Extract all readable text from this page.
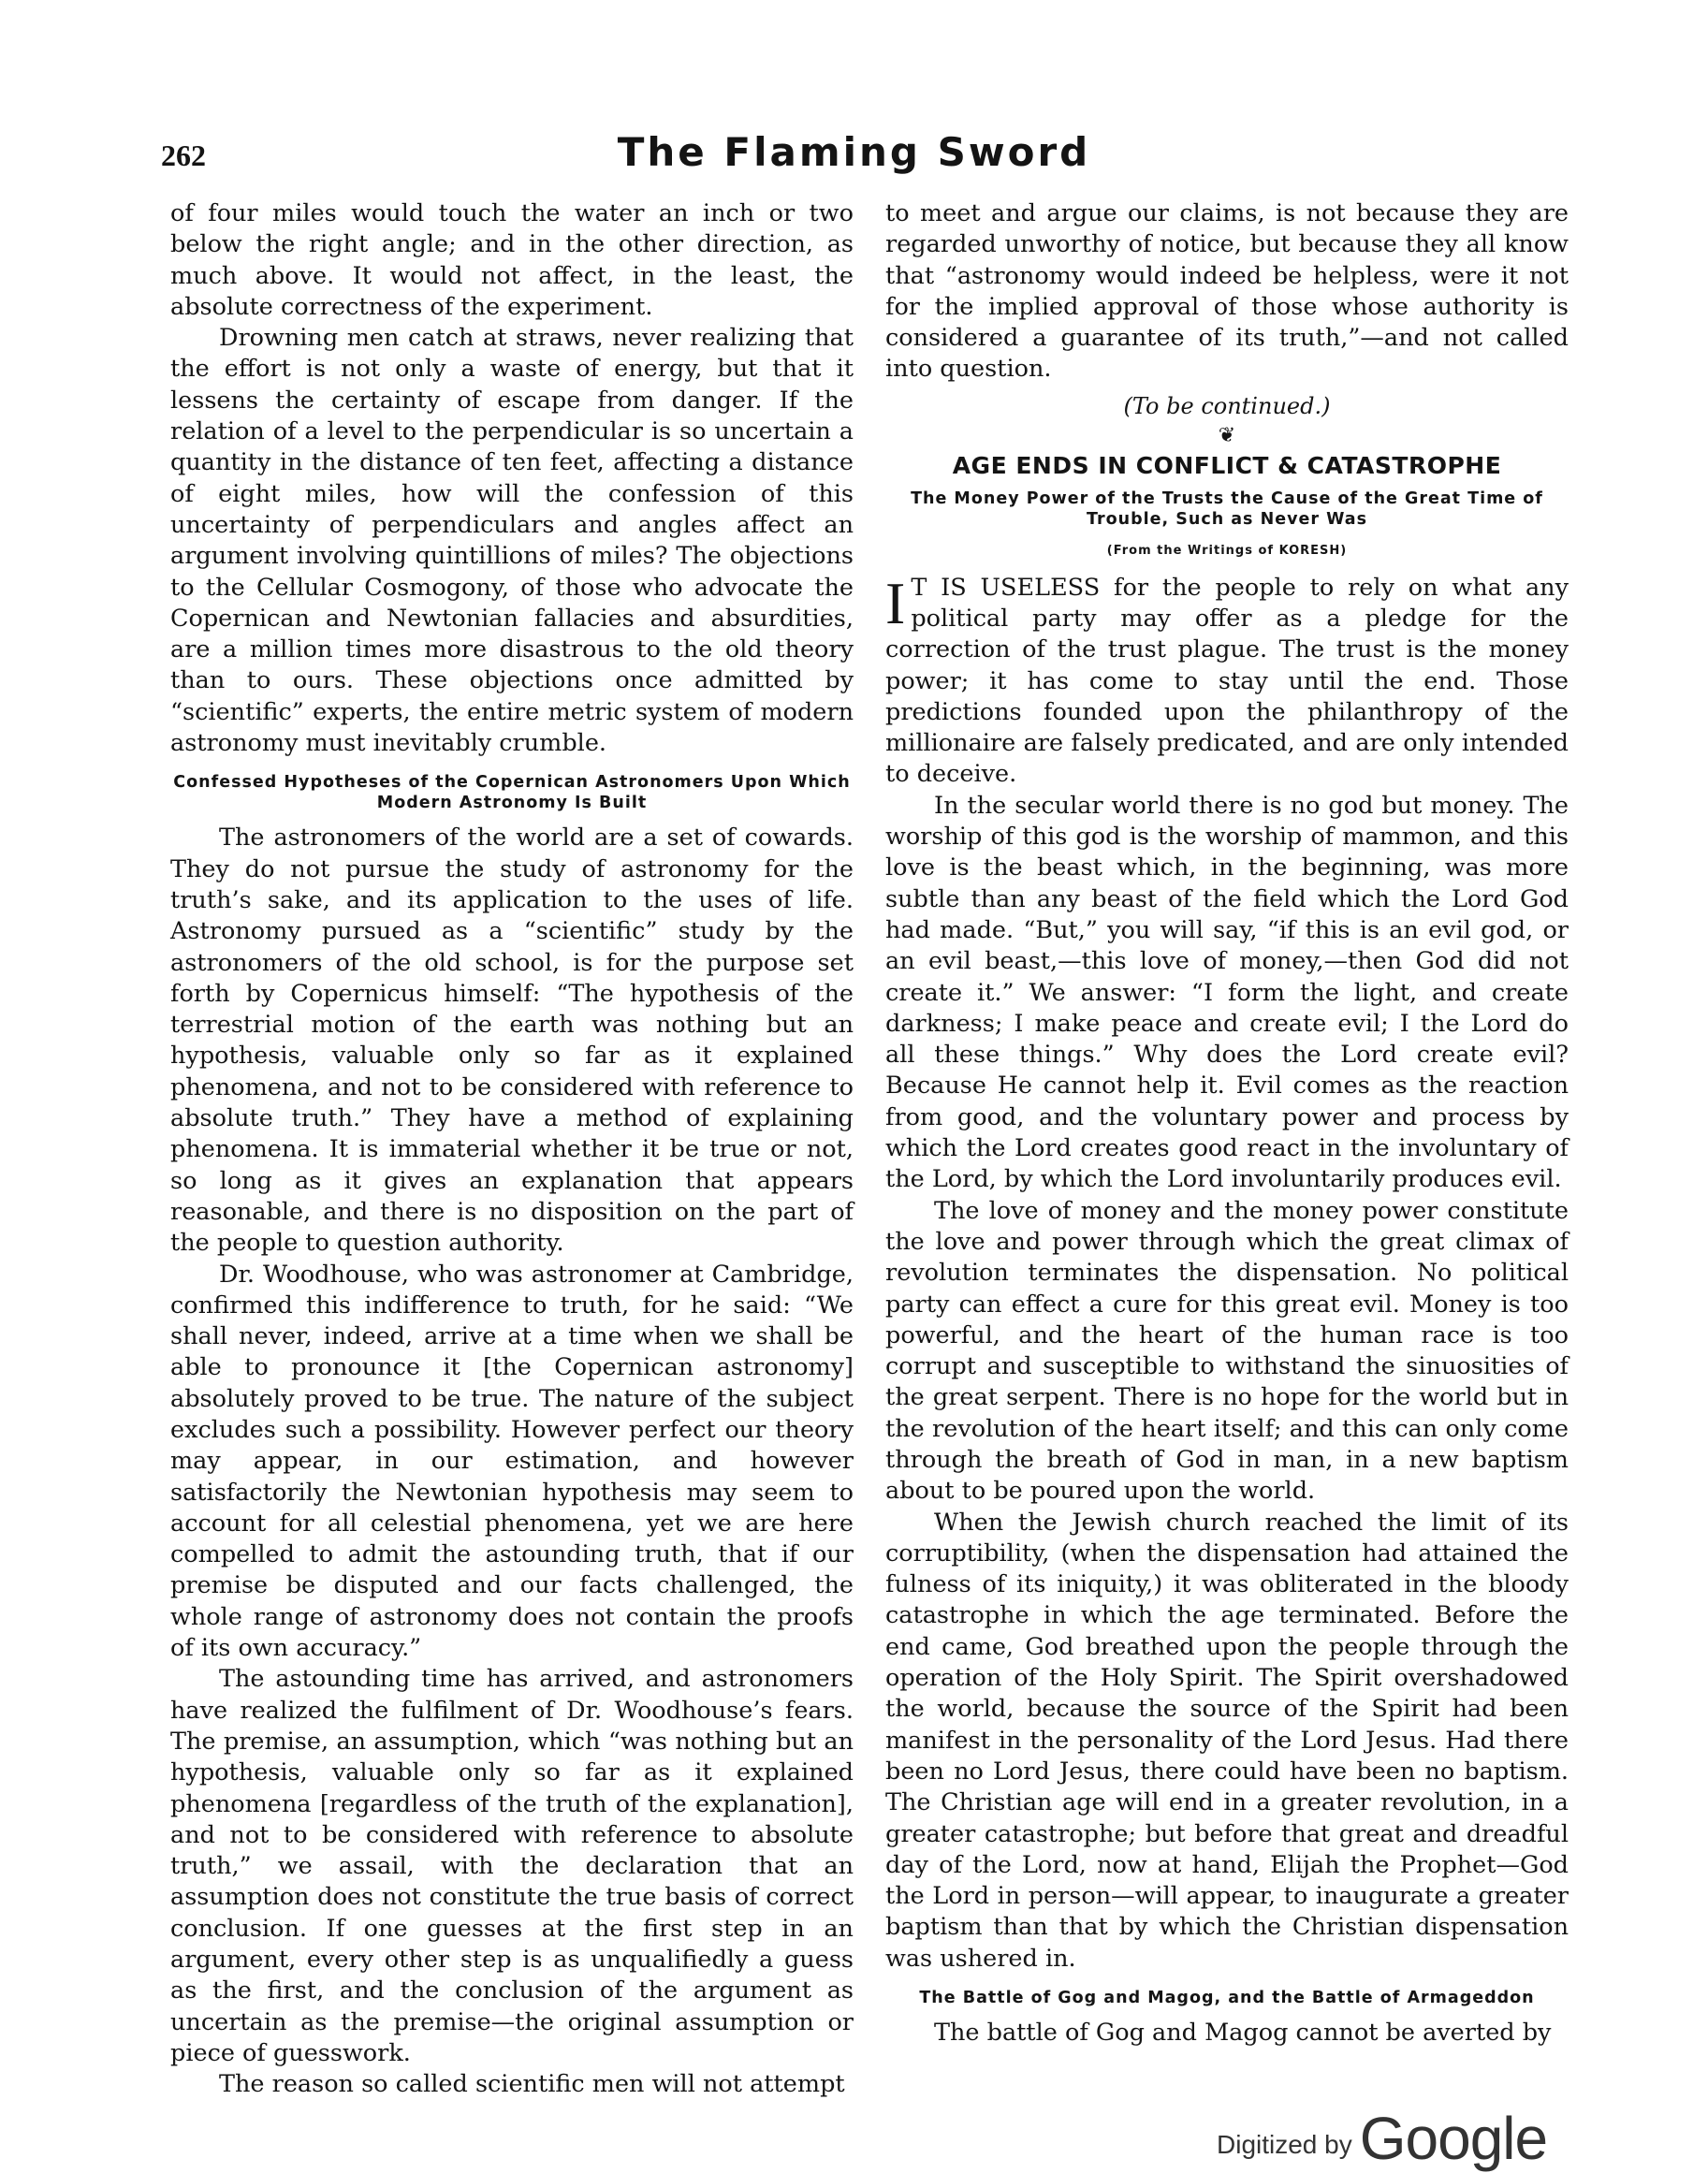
262	The Flaming Sword

of four miles would touch the water an inch or two below the right angle; and in the other direction, as much above. It would not affect, in the least, the absolute correctness of the experiment.

Drowning men catch at straws, never realizing that the effort is not only a waste of energy, but that it lessens the certainty of escape from danger. If the relation of a level to the perpendicular is so uncertain a quantity in the distance of ten feet, affecting a distance of eight miles, how will the confession of this uncertainty of perpendiculars and angles affect an argument involving quintillions of miles? The objections to the Cellular Cosmogony, of those who advocate the Copernican and Newtonian fallacies and absurdities, are a million times more disastrous to the old theory than to ours. These objections once admitted by “scientific” experts, the entire metric system of modern astronomy must inevitably crumble.

Confessed Hypotheses of the Copernican Astronomers Upon Which Modern Astronomy Is Built

The astronomers of the world are a set of cowards. They do not pursue the study of astronomy for the truth’s sake, and its application to the uses of life. Astronomy pursued as a “scientific” study by the astronomers of the old school, is for the purpose set forth by Copernicus himself: “The hypothesis of the terrestrial motion of the earth was nothing but an hypothesis, valuable only so far as it explained phenomena, and not to be considered with reference to absolute truth.” They have a method of explaining phenomena. It is immaterial whether it be true or not, so long as it gives an explanation that appears reasonable, and there is no disposition on the part of the people to question authority.

Dr. Woodhouse, who was astronomer at Cambridge, confirmed this indifference to truth, for he said: “We shall never, indeed, arrive at a time when we shall be able to pronounce it [the Copernican astronomy] absolutely proved to be true. The nature of the subject excludes such a possibility. However perfect our theory may appear, in our estimation, and however satisfactorily the Newtonian hypothesis may seem to account for all celestial phenomena, yet we are here compelled to admit the astounding truth, that if our premise be disputed and our facts challenged, the whole range of astronomy does not contain the proofs of its own accuracy.”

The astounding time has arrived, and astronomers have realized the fulfilment of Dr. Woodhouse’s fears. The premise, an assumption, which “was nothing but an hypothesis, valuable only so far as it explained phenomena [regardless of the truth of the explanation], and not to be considered with reference to absolute truth,” we assail, with the declaration that an assumption does not constitute the true basis of correct conclusion. If one guesses at the first step in an argument, every other step is as unqualifiedly a guess as the first, and the conclusion of the argument as uncertain as the premise—the original assumption or piece of guesswork.

The reason so called scientific men will not attempt

to meet and argue our claims, is not because they are regarded unworthy of notice, but because they all know that “astronomy would indeed be helpless, were it not for the implied approval of those whose authority is considered a guarantee of its truth,”—and not called into question.

(To be continued.)
❦
AGE ENDS IN CONFLICT & CATASTROPHE
The Money Power of the Trusts the Cause of the Great Time of Trouble, Such as Never Was
(From the Writings of KORESH)

I T IS USELESS for the people to rely on what any political party may offer as a pledge for the correction of the trust plague. The trust is the money power; it has come to stay until the end. Those predictions founded upon the philanthropy of the millionaire are falsely predicated, and are only intended to deceive.

In the secular world there is no god but money. The worship of this god is the worship of mammon, and this love is the beast which, in the beginning, was more subtle than any beast of the field which the Lord God had made. “But,” you will say, “if this is an evil god, or an evil beast,—this love of money,—then God did not create it.” We answer: “I form the light, and create darkness; I make peace and create evil; I the Lord do all these things.” Why does the Lord create evil? Because He cannot help it. Evil comes as the reaction from good, and the voluntary power and process by which the Lord creates good react in the involuntary of the Lord, by which the Lord involuntarily produces evil.

The love of money and the money power constitute the love and power through which the great climax of revolution terminates the dispensation. No political party can effect a cure for this great evil. Money is too powerful, and the heart of the human race is too corrupt and susceptible to withstand the sinuosities of the great serpent. There is no hope for the world but in the revolution of the heart itself; and this can only come through the breath of God in man, in a new baptism about to be poured upon the world.

When the Jewish church reached the limit of its corruptibility, (when the dispensation had attained the fulness of its iniquity,) it was obliterated in the bloody catastrophe in which the age terminated. Before the end came, God breathed upon the people through the operation of the Holy Spirit. The Spirit overshadowed the world, because the source of the Spirit had been manifest in the personality of the Lord Jesus. Had there been no Lord Jesus, there could have been no baptism. The Christian age will end in a greater revolution, in a greater catastrophe; but before that great and dreadful day of the Lord, now at hand, Elijah the Prophet—God the Lord in person—will appear, to inaugurate a greater baptism than that by which the Christian dispensation was ushered in.

The Battle of Gog and Magog, and the Battle of Armageddon

The battle of Gog and Magog cannot be averted by

Digitized by Google
